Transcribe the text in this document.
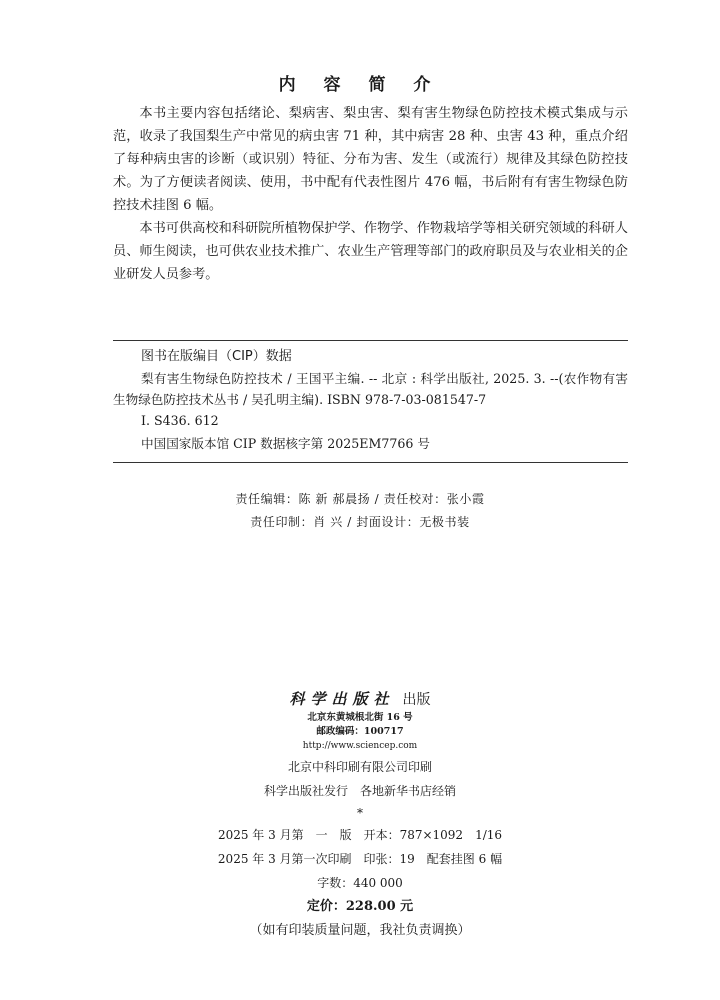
内 容 简 介

本书主要内容包括绪论、梨病害、梨虫害、梨有害生物绿色防控技术模式集成与示范，收录了我国梨生产中常见的病虫害 71 种，其中病害 28 种、虫害 43 种，重点介绍了每种病虫害的诊断（或识别）特征、分布为害、发生（或流行）规律及其绿色防控技术。为了方便读者阅读、使用，书中配有代表性图片 476 幅，书后附有有害生物绿色防控技术挂图 6 幅。

本书可供高校和科研院所植物保护学、作物学、作物栽培学等相关研究领域的科研人员、师生阅读，也可供农业技术推广、农业生产管理等部门的政府职员及与农业相关的企业研发人员参考。

图书在版编目（CIP）数据
梨有害生物绿色防控技术 / 王国平主编. -- 北京 : 科学出版社, 2025. 3. --(农作物有害生物绿色防控技术丛书 / 吴孔明主编). ISBN 978-7-03-081547-7
Ⅰ. S436. 612
中国国家版本馆 CIP 数据核字第 2025EM7766 号
责任编辑：陈 新 郝晨扬 / 责任校对：张小霞
责任印制：肖 兴 / 封面设计：无极书装
科学出版社 出版
北京东黄城根北街 16 号
邮政编码：100717
http://www.sciencep.com
北京中科印刷有限公司印刷
科学出版社发行　各地新华书店经销
*
2025 年 3 月第　一　版　开本：787×1092　1/16
2025 年 3 月第一次印刷　印张：19　配套挂图 6 幅
字数：440 000
定价：228.00 元
（如有印装质量问题，我社负责调换）
